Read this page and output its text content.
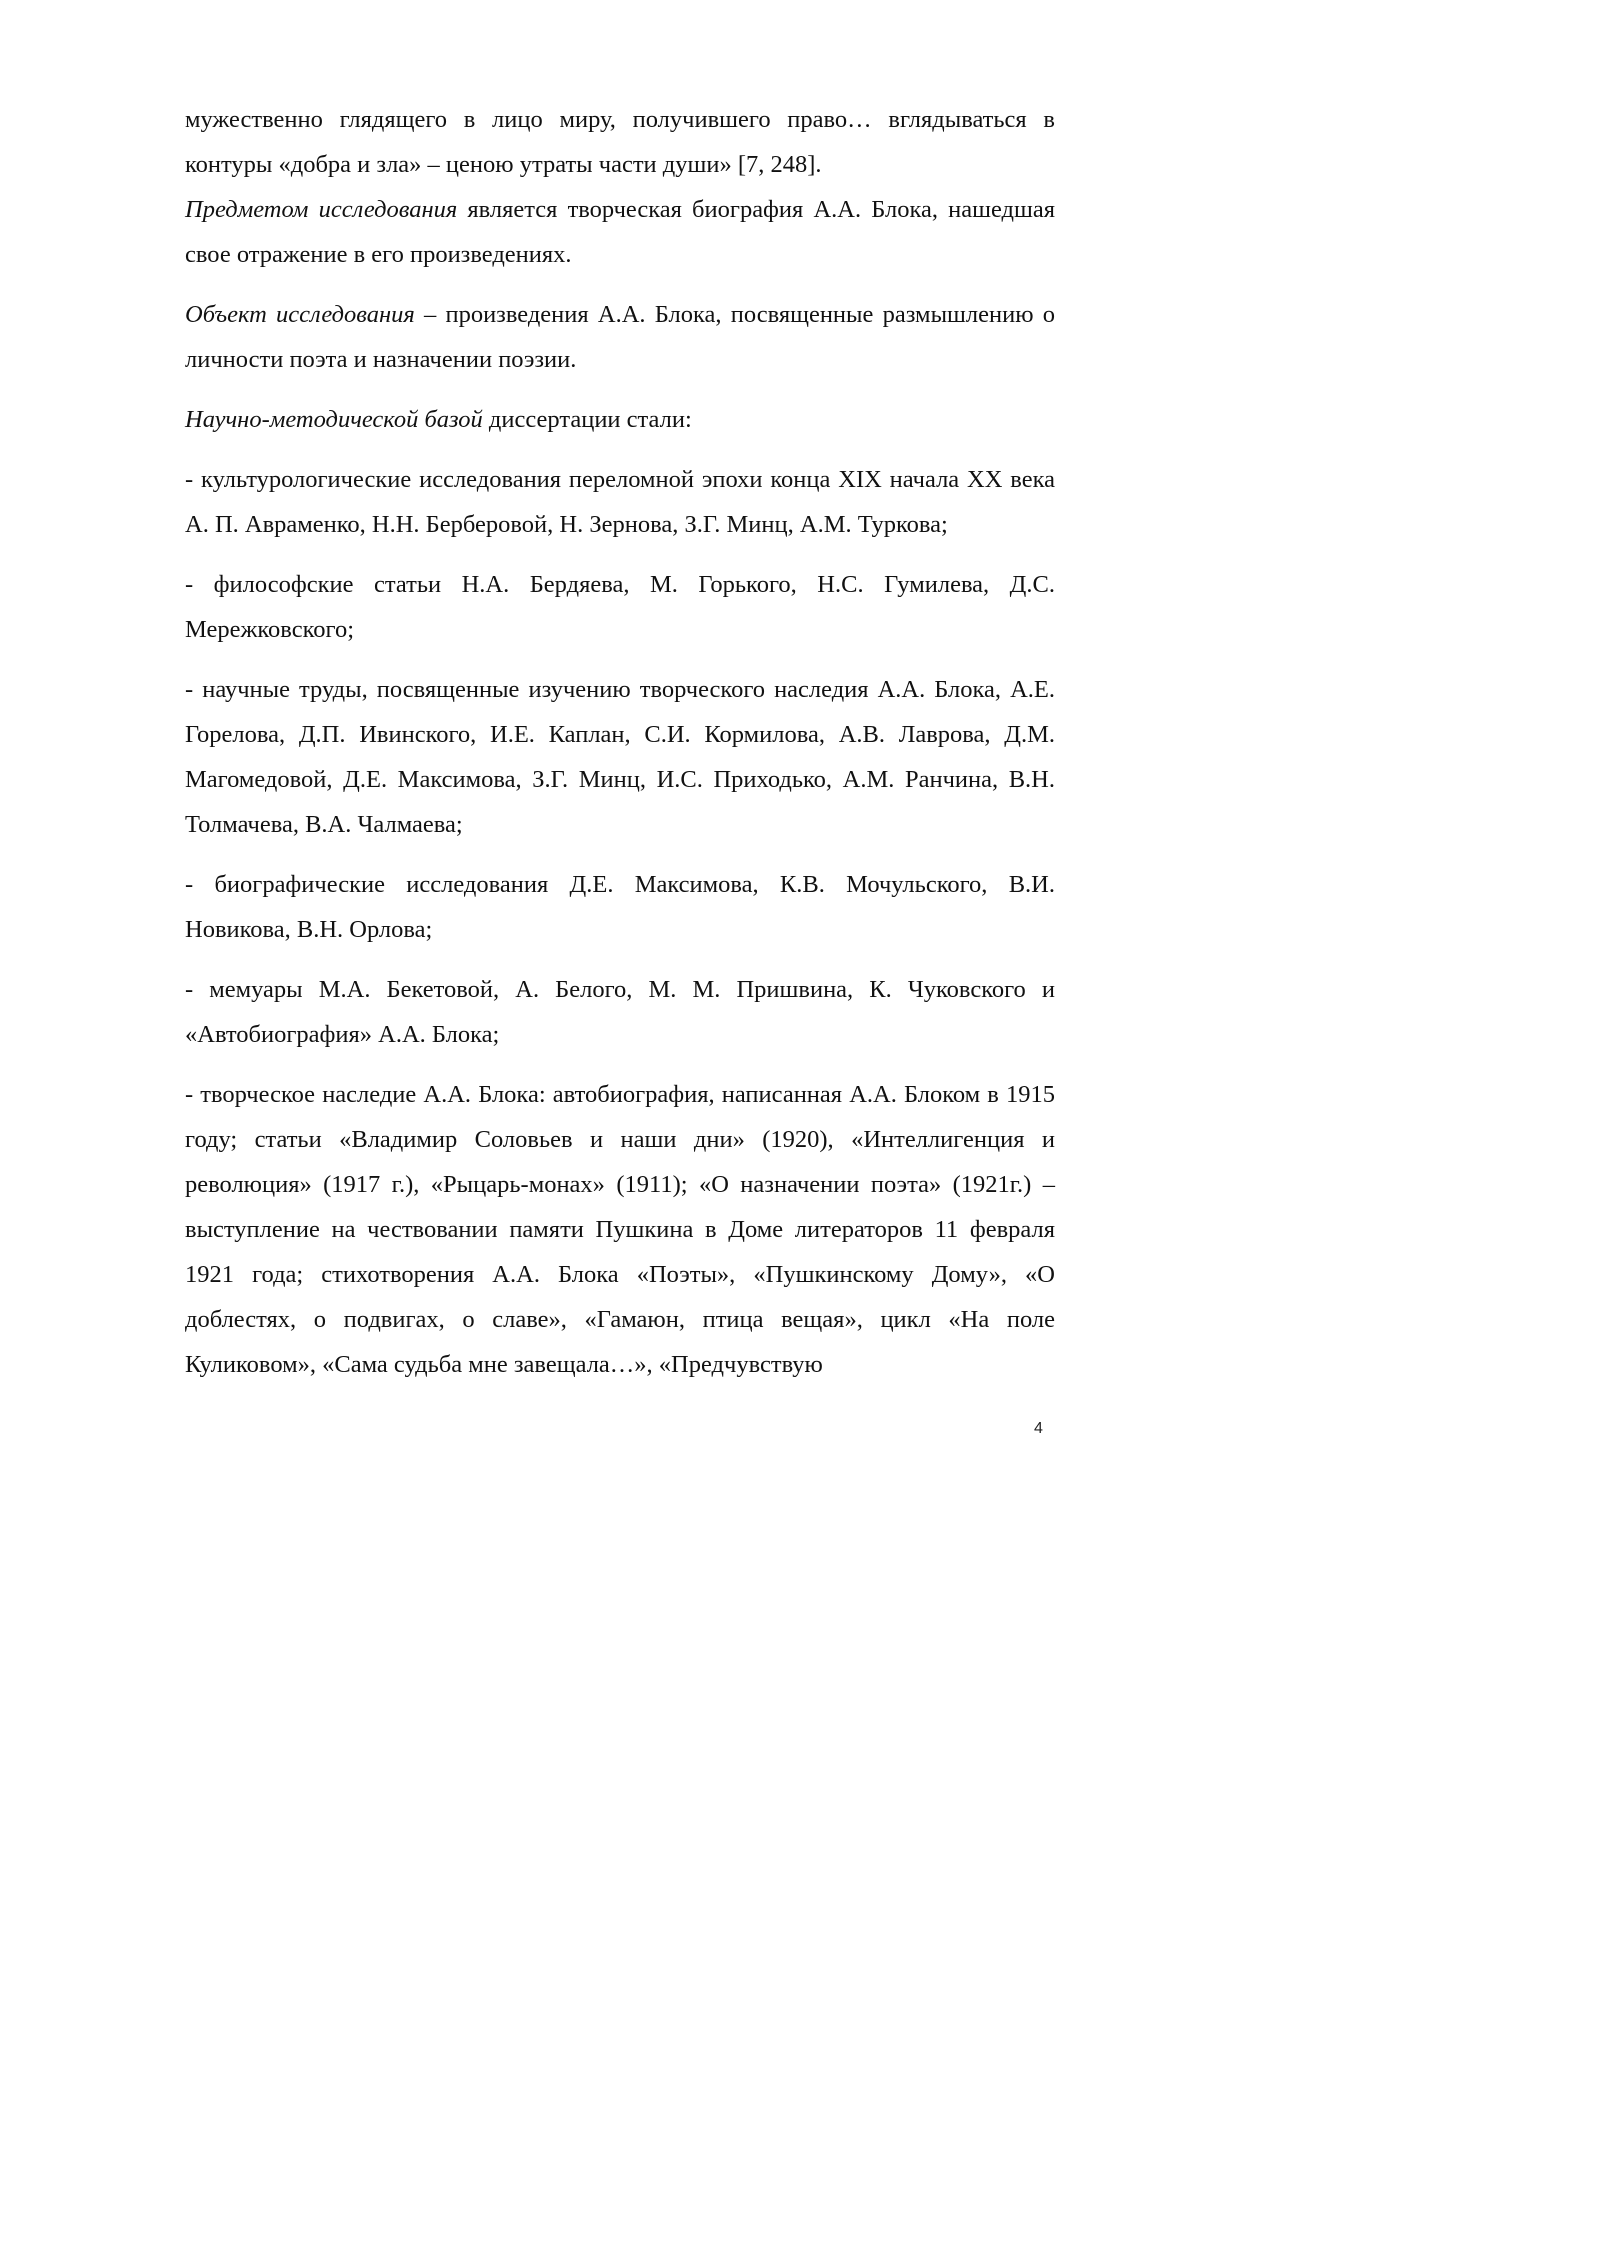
мужественно глядящего в лицо миру, получившего право… вглядываться в контуры «добра и зла» – ценою утраты части души» [7, 248].

Предметом исследования является творческая биография А.А. Блока, нашедшая свое отражение в его произведениях.

Объект исследования – произведения А.А. Блока, посвященные размышлению о личности поэта и назначении поэзии.

Научно-методической базой диссертации стали:

- культурологические исследования переломной эпохи конца XIX начала XX века А. П. Авраменко, Н.Н. Берберовой, Н. Зернова, З.Г. Минц, А.М. Туркова;

- философские статьи Н.А. Бердяева, М. Горького, Н.С. Гумилева, Д.С. Мережковского;

- научные труды, посвященные изучению творческого наследия А.А. Блока, А.Е. Горелова, Д.П. Ивинского, И.Е. Каплан, С.И. Кормилова, А.В. Лаврова, Д.М. Магомедовой, Д.Е. Максимова, З.Г. Минц, И.С. Приходько, А.М. Ранчина, В.Н. Толмачева, В.А. Чалмаева;

- биографические исследования Д.Е. Максимова, К.В. Мочульского, В.И. Новикова, В.Н. Орлова;

- мемуары М.А. Бекетовой, А. Белого, М. М. Пришвина, К. Чуковского и «Автобиография» А.А. Блока;

- творческое наследие А.А. Блока: автобиография, написанная А.А. Блоком в 1915 году; статьи «Владимир Соловьев и наши дни» (1920), «Интеллигенция и революция» (1917 г.), «Рыцарь-монах» (1911); «О назначении поэта» (1921г.) – выступление на чествовании памяти Пушкина в Доме литераторов 11 февраля 1921 года; стихотворения А.А. Блока «Поэты», «Пушкинскому Дому», «О доблестях, о подвигах, о славе», «Гамаюн, птица вещая», цикл «На поле Куликовом», «Сама судьба мне завещала…», «Предчувствую

4
